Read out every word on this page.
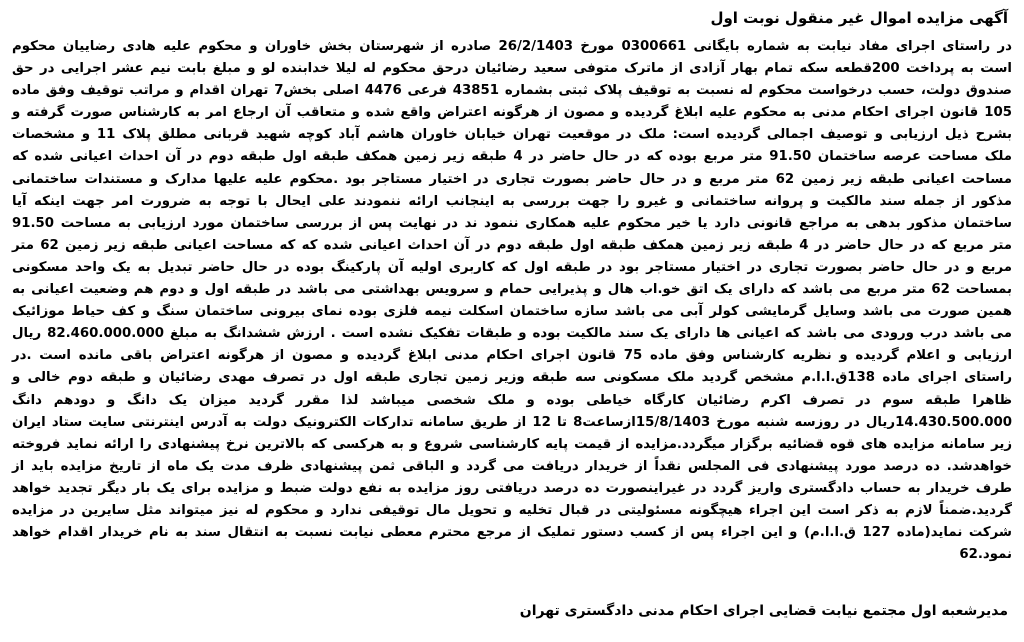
آگهی مزایده اموال غیر منقول نوبت اول

در راستای اجرای مفاد نیابت به شماره بایگانی 0300661 مورخ 26/2/1403 صادره از شهرستان بخش خاوران و محکوم علیه هادی رضاییان محکوم است به پرداخت 200قطعه سکه تمام بهار آزادی از ماترک متوفی سعید رضائیان درحق محکوم له لیلا خدابنده لو و مبلغ بابت نیم عشر اجرایی در حق صندوق دولت، حسب درخواست محکوم له نسبت به توقیف پلاک ثبتی بشماره 43851 فرعی 4476 اصلی بخش7 تهران اقدام و مراتب توقیف وفق ماده 105 قانون اجرای احکام مدنی به محکوم علیه ابلاغ گردیده و مصون از هرگونه اعتراض واقع شده و متعاقب آن ارجاع امر به کارشناس صورت گرفته و بشرح ذیل ارزیابی و توصیف اجمالی گردیده است: ملک در موقعیت تهران خیابان خاوران هاشم آباد کوچه شهید قربانی مطلق پلاک 11 و مشخصات ملک مساحت عرصه ساختمان 91.50 متر مربع بوده که در حال حاضر در 4 طبقه زیر زمین همکف طبقه اول طبقه دوم در آن احداث اعیانی شده که مساحت اعیانی طبقه زیر زمین 62 متر مربع و در حال حاضر بصورت تجاری در اختیار مستاجر بود .محکوم علیه علیها مدارک و مستندات ساختمانی مذکور از جمله سند مالکیت و پروانه ساختمانی و غیرو را جهت بررسی به اینجانب ارائه ننمودند علی ایحال با توجه به ضرورت امر جهت اینکه آیا ساختمان مذکور بدهی به مراجع قانونی دارد یا خیر محکوم علیه همکاری ننمود ند در نهایت پس از بررسی ساختمان مورد ارزیابی به مساحت 91.50 متر مربع که در حال حاضر در 4 طبقه زیر زمین همکف طبقه اول طبقه دوم در آن احداث اعیانی شده که که مساحت اعیانی طبقه زیر زمین 62 متر مربع و در حال حاضر بصورت تجاری در اختیار مستاجر بود در طبقه اول که کاربری اولیه آن پارکینگ بوده در حال حاضر تبدیل به یک واحد مسکونی بمساحت 62 متر مربع می باشد که دارای یک اتق خو.اب هال و پذیرایی حمام و سرویس بهداشتی می باشد در طبقه اول و دوم هم وضعیت اعیانی به همین صورت می باشد وسایل گرمایشی کولر آبی می باشد سازه ساختمان اسکلت نیمه فلزی بوده نمای بیرونی ساختمان سنگ و کف حیاط موزائیک می باشد درب ورودی می باشد که اعیانی ها دارای یک سند مالکیت بوده و طبقات تفکیک نشده است . ارزش ششدانگ به مبلغ 82.460.000.000 ریال ارزیابی و اعلام گردیده و نظریه کارشناس وفق ماده 75 قانون اجرای احکام مدنی ابلاغ گردیده و مصون از هرگونه اعتراض باقی مانده است .در راستای اجرای ماده 138ق.ا.ا.م مشخص گردید ملک مسکونی سه طبقه وزیر زمین تجاری طبقه اول در تصرف مهدی رضائیان و طبقه دوم خالی و ظاهرا طبقه سوم در تصرف اکرم رضائیان کارگاه خیاطی بوده و ملک شخصی میباشد لذا مقرر گردید میزان یک دانگ و دودهم دانگ 14.430.500.000ریال در روزسه شنبه مورخ 15/8/1403ازساعت8 تا 12 از طریق سامانه تدارکات الکترونیک دولت به آدرس اینترنتی سایت ستاد ایران زیر سامانه مزایده های قوه قضائیه برگزار میگردد.مزایده از قیمت پایه کارشناسی شروع و به هرکسی که بالاترین نرخ پیشنهادی را ارائه نماید فروخته خواهدشد. ده درصد مورد پیشنهادی فی المجلس نقداً از خریدار دریافت می گردد و الباقی ثمن پیشنهادی ظرف مدت یک ماه از تاریخ مزایده باید از طرف خریدار به حساب دادگستری واریز گردد در غیراینصورت ده درصد دریافتی روز مزایده به نفع دولت ضبط و مزایده برای یک بار دیگر تجدید خواهد گردید.ضمناً لازم به ذکر است این اجراء هیچگونه مسئولیتی در قبال تخلیه و تحویل مال توقیفی ندارد و محکوم له نیز میتواند مثل سایرین در مزایده شرکت نماید(ماده 127 ق.ا.ا.م) و این اجراء پس از کسب دستور تملیک از مرجع محترم معطی نیابت نسبت به انتقال سند به نام خریدار اقدام خواهد نمود.62

مدیرشعبه اول مجتمع نیابت قضایی اجرای احکام مدنی دادگستری تهران
